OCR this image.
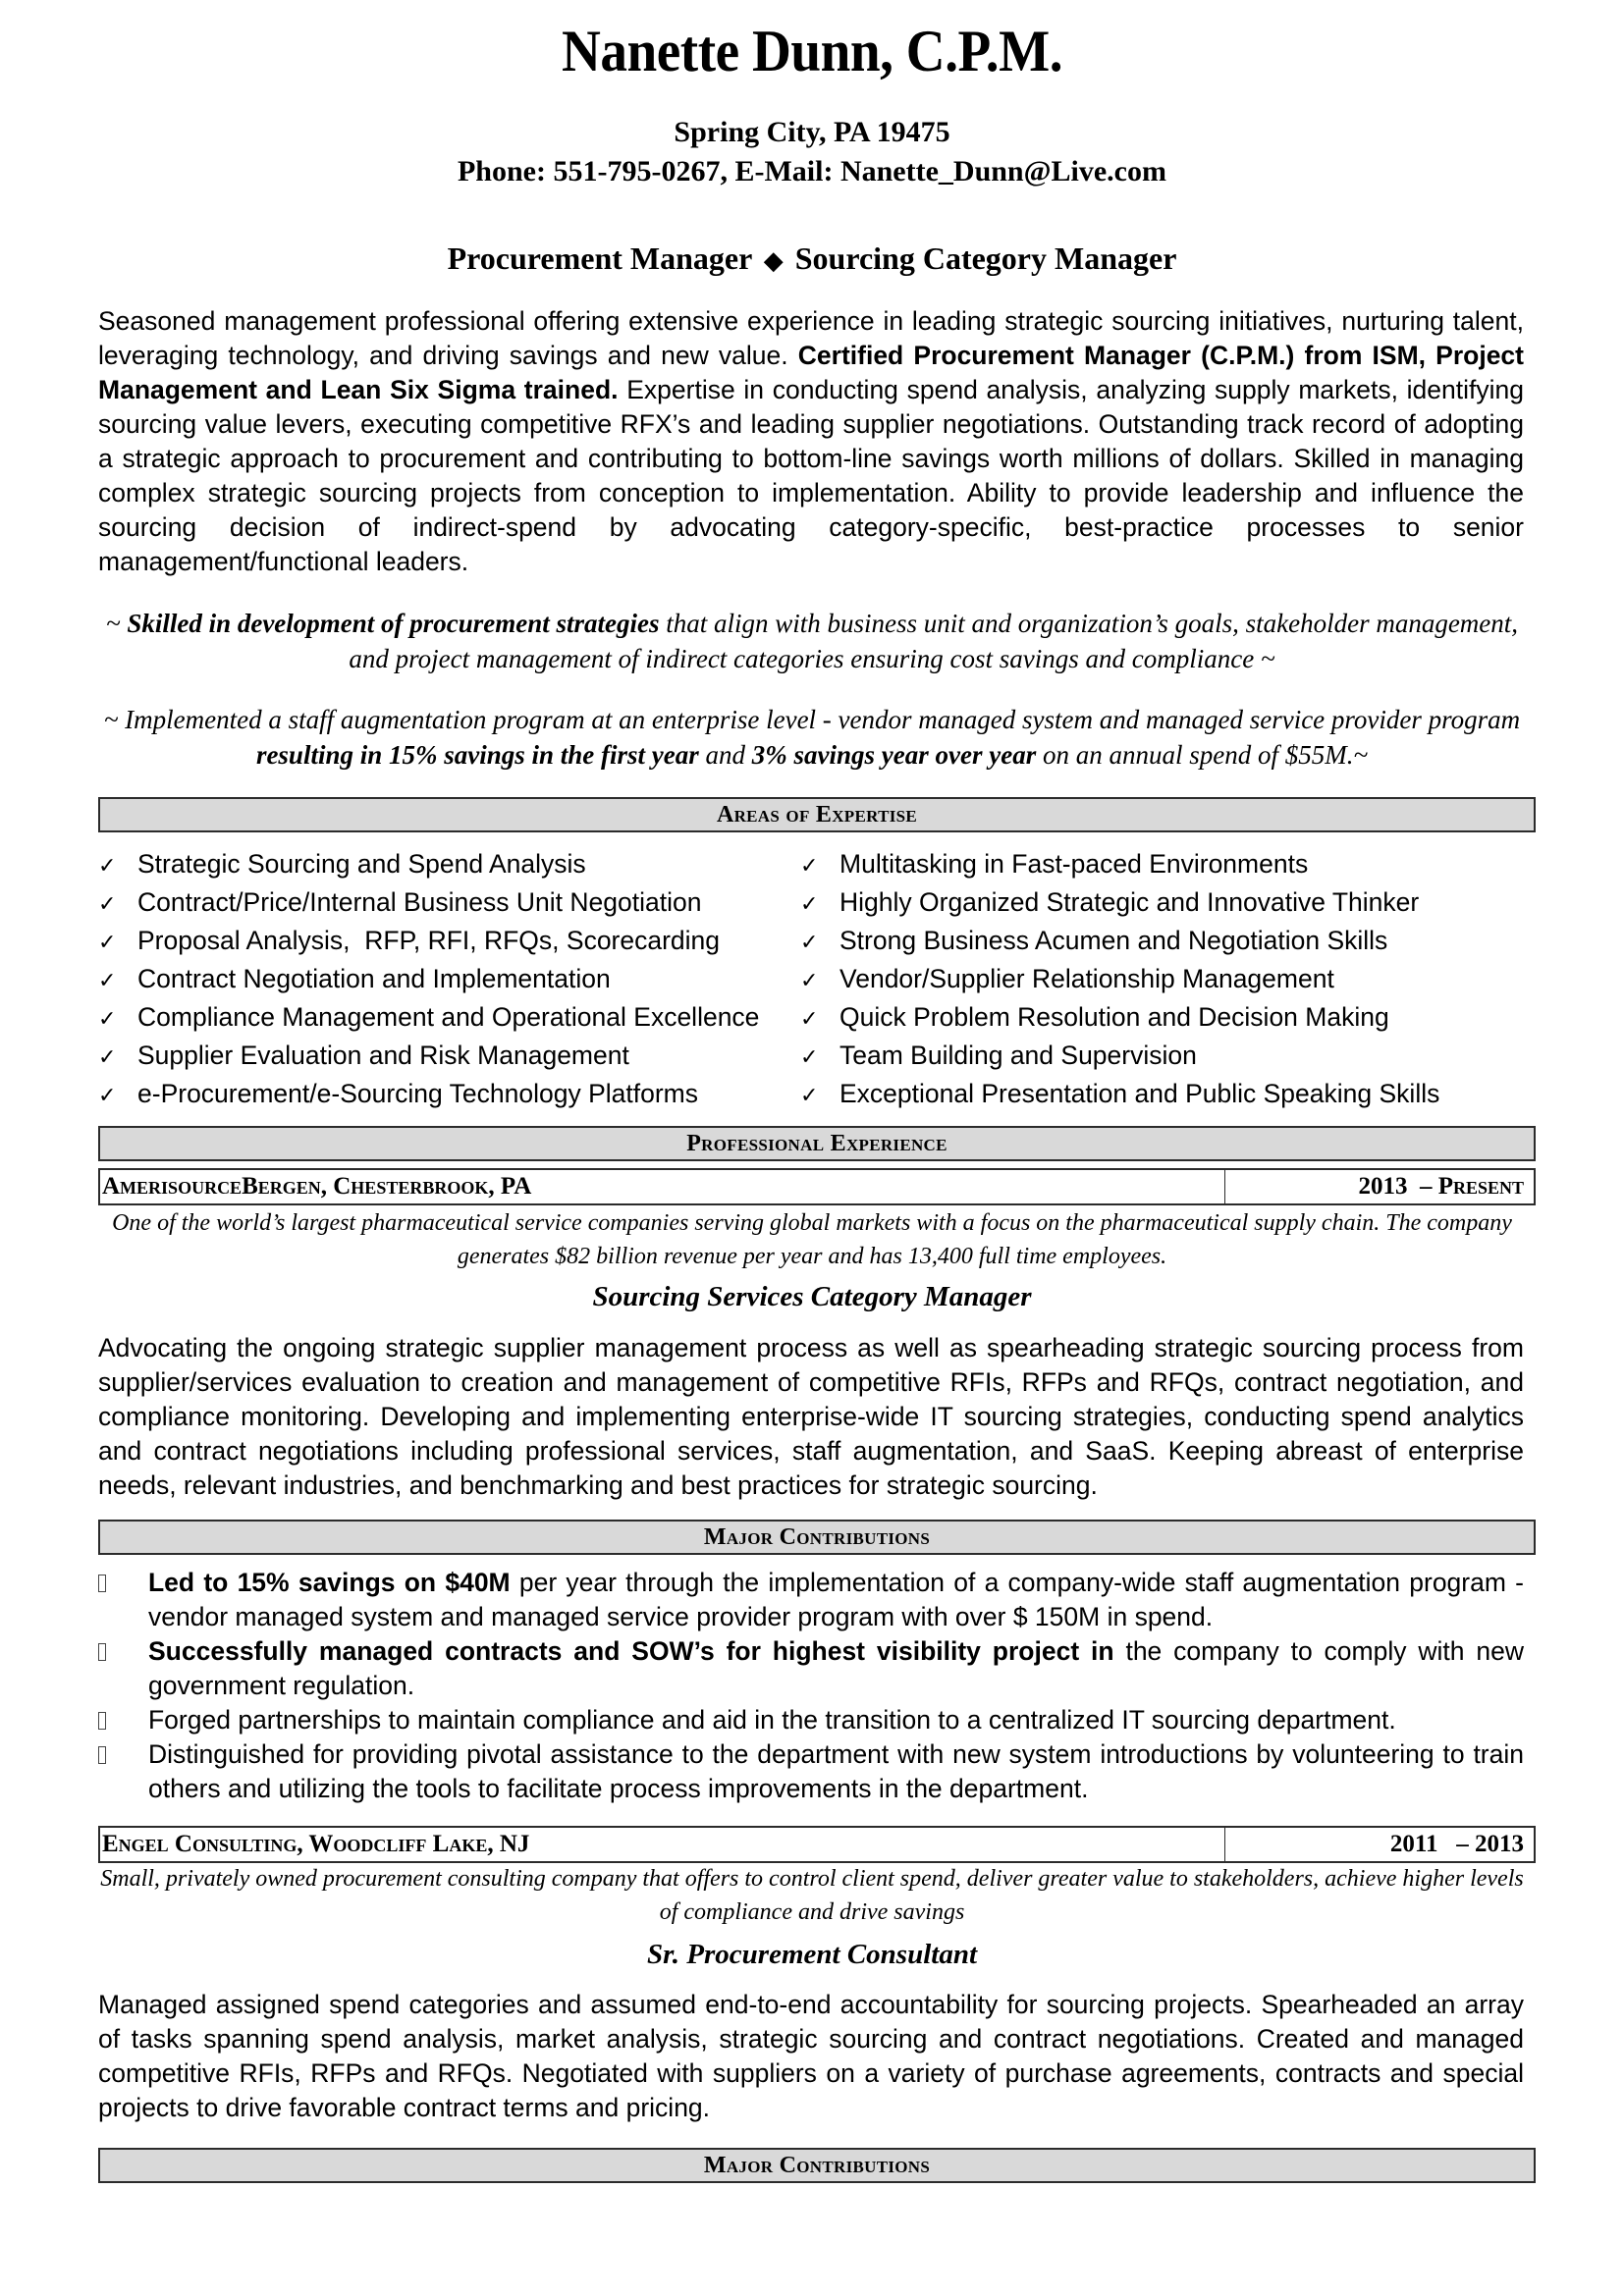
Nanette Dunn, C.P.M.
Spring City, PA 19475
Phone: 551-795-0267, E-Mail: Nanette_Dunn@Live.com
Procurement Manager ◆ Sourcing Category Manager
Seasoned management professional offering extensive experience in leading strategic sourcing initiatives, nurturing talent, leveraging technology, and driving savings and new value. Certified Procurement Manager (C.P.M.) from ISM, Project Management and Lean Six Sigma trained. Expertise in conducting spend analysis, analyzing supply markets, identifying sourcing value levers, executing competitive RFX’s and leading supplier negotiations. Outstanding track record of adopting a strategic approach to procurement and contributing to bottom-line savings worth millions of dollars. Skilled in managing complex strategic sourcing projects from conception to implementation. Ability to provide leadership and influence the sourcing decision of indirect-spend by advocating category-specific, best-practice processes to senior management/functional leaders.
~ Skilled in development of procurement strategies that align with business unit and organization’s goals, stakeholder management, and project management of indirect categories ensuring cost savings and compliance ~
~ Implemented a staff augmentation program at an enterprise level - vendor managed system and managed service provider program resulting in 15% savings in the first year and 3% savings year over year on an annual spend of $55M.~
Areas of Expertise
✓ Strategic Sourcing and Spend Analysis
✓ Contract/Price/Internal Business Unit Negotiation
✓ Proposal Analysis,  RFP, RFI, RFQs, Scorecarding
✓ Contract Negotiation and Implementation
✓ Compliance Management and Operational Excellence
✓ Supplier Evaluation and Risk Management
✓ e-Procurement/e-Sourcing Technology Platforms
✓ Multitasking in Fast-paced Environments
✓ Highly Organized Strategic and Innovative Thinker
✓ Strong Business Acumen and Negotiation Skills
✓ Vendor/Supplier Relationship Management
✓ Quick Problem Resolution and Decision Making
✓ Team Building and Supervision
✓ Exceptional Presentation and Public Speaking Skills
Professional Experience
AmerisourceBergen, Chesterbrook, PA	2013  – Present
One of the world’s largest pharmaceutical service companies serving global markets with a focus on the pharmaceutical supply chain. The company generates $82 billion revenue per year and has 13,400 full time employees.
Sourcing Services Category Manager
Advocating the ongoing strategic supplier management process as well as spearheading strategic sourcing process from supplier/services evaluation to creation and management of competitive RFIs, RFPs and RFQs, contract negotiation, and compliance monitoring. Developing and implementing enterprise-wide IT sourcing strategies, conducting spend analytics and contract negotiations including professional services, staff augmentation, and SaaS. Keeping abreast of enterprise needs, relevant industries, and benchmarking and best practices for strategic sourcing.
Major Contributions
Led to 15% savings on $40M per year through the implementation of a company-wide staff augmentation program - vendor managed system and managed service provider program with over $ 150M in spend.
Successfully managed contracts and SOW’s for highest visibility project in the company to comply with new government regulation.
Forged partnerships to maintain compliance and aid in the transition to a centralized IT sourcing department.
Distinguished for providing pivotal assistance to the department with new system introductions by volunteering to train others and utilizing the tools to facilitate process improvements in the department.
Engel Consulting, Woodcliff Lake, NJ	2011   – 2013
Small, privately owned procurement consulting company that offers to control client spend, deliver greater value to stakeholders, achieve higher levels of compliance and drive savings
Sr. Procurement Consultant
Managed assigned spend categories and assumed end-to-end accountability for sourcing projects. Spearheaded an array of tasks spanning spend analysis, market analysis, strategic sourcing and contract negotiations. Created and managed competitive RFIs, RFPs and RFQs. Negotiated with suppliers on a variety of purchase agreements, contracts and special projects to drive favorable contract terms and pricing.
Major Contributions
